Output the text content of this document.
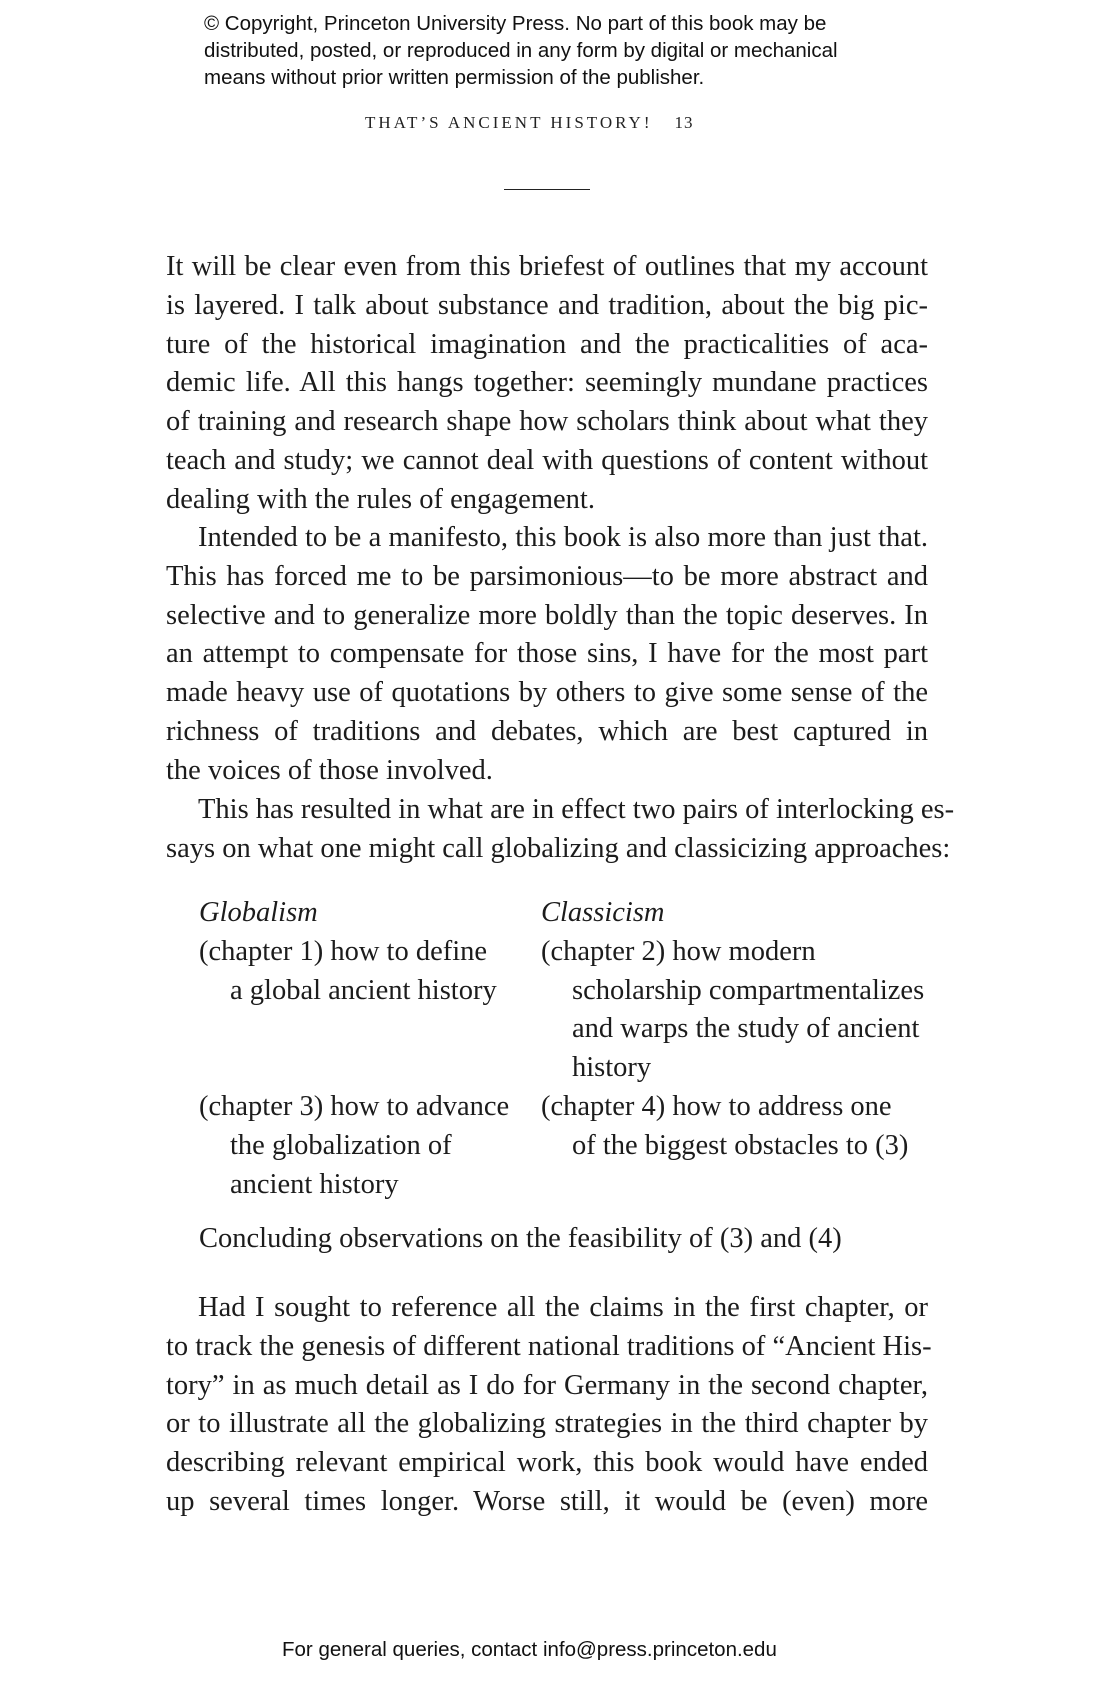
© Copyright, Princeton University Press. No part of this book may be
distributed, posted, or reproduced in any form by digital or mechanical
means without prior written permission of the publisher.
THAT’S ANCIENT HISTORY! 13

It will be clear even from this briefest of outlines that my account
is layered. I talk about substance and tradition, about the big pic-
ture of the historical imagination and the practicalities of aca-
demic life. All this hangs together: seemingly mundane practices
of training and research shape how scholars think about what they
teach and study; we cannot deal with questions of content without
dealing with the rules of engagement.

Intended to be a manifesto, this book is also more than just that.
This has forced me to be parsimonious—to be more abstract and
selective and to generalize more boldly than the topic deserves. In
an attempt to compensate for those sins, I have for the most part
made heavy use of quotations by others to give some sense of the
richness of traditions and debates, which are best captured in
the voices of those involved.

This has resulted in what are in effect two pairs of interlocking es-
says on what one might call globalizing and classicizing approaches:

Globalism
(chapter 1) how to define
a global ancient history
(chapter 3) how to advance
the globalization of
ancient history
Classicism
(chapter 2) how modern
scholarship compartmentalizes
and warps the study of ancient
history
(chapter 4) how to address one
of the biggest obstacles to (3)
Concluding observations on the feasibility of (3) and (4)

Had I sought to reference all the claims in the first chapter, or
to track the genesis of different national traditions of “Ancient His-
tory” in as much detail as I do for Germany in the second chapter,
or to illustrate all the globalizing strategies in the third chapter by
describing relevant empirical work, this book would have ended
up several times longer. Worse still, it would be (even) more

For general queries, contact info@press.princeton.edu
